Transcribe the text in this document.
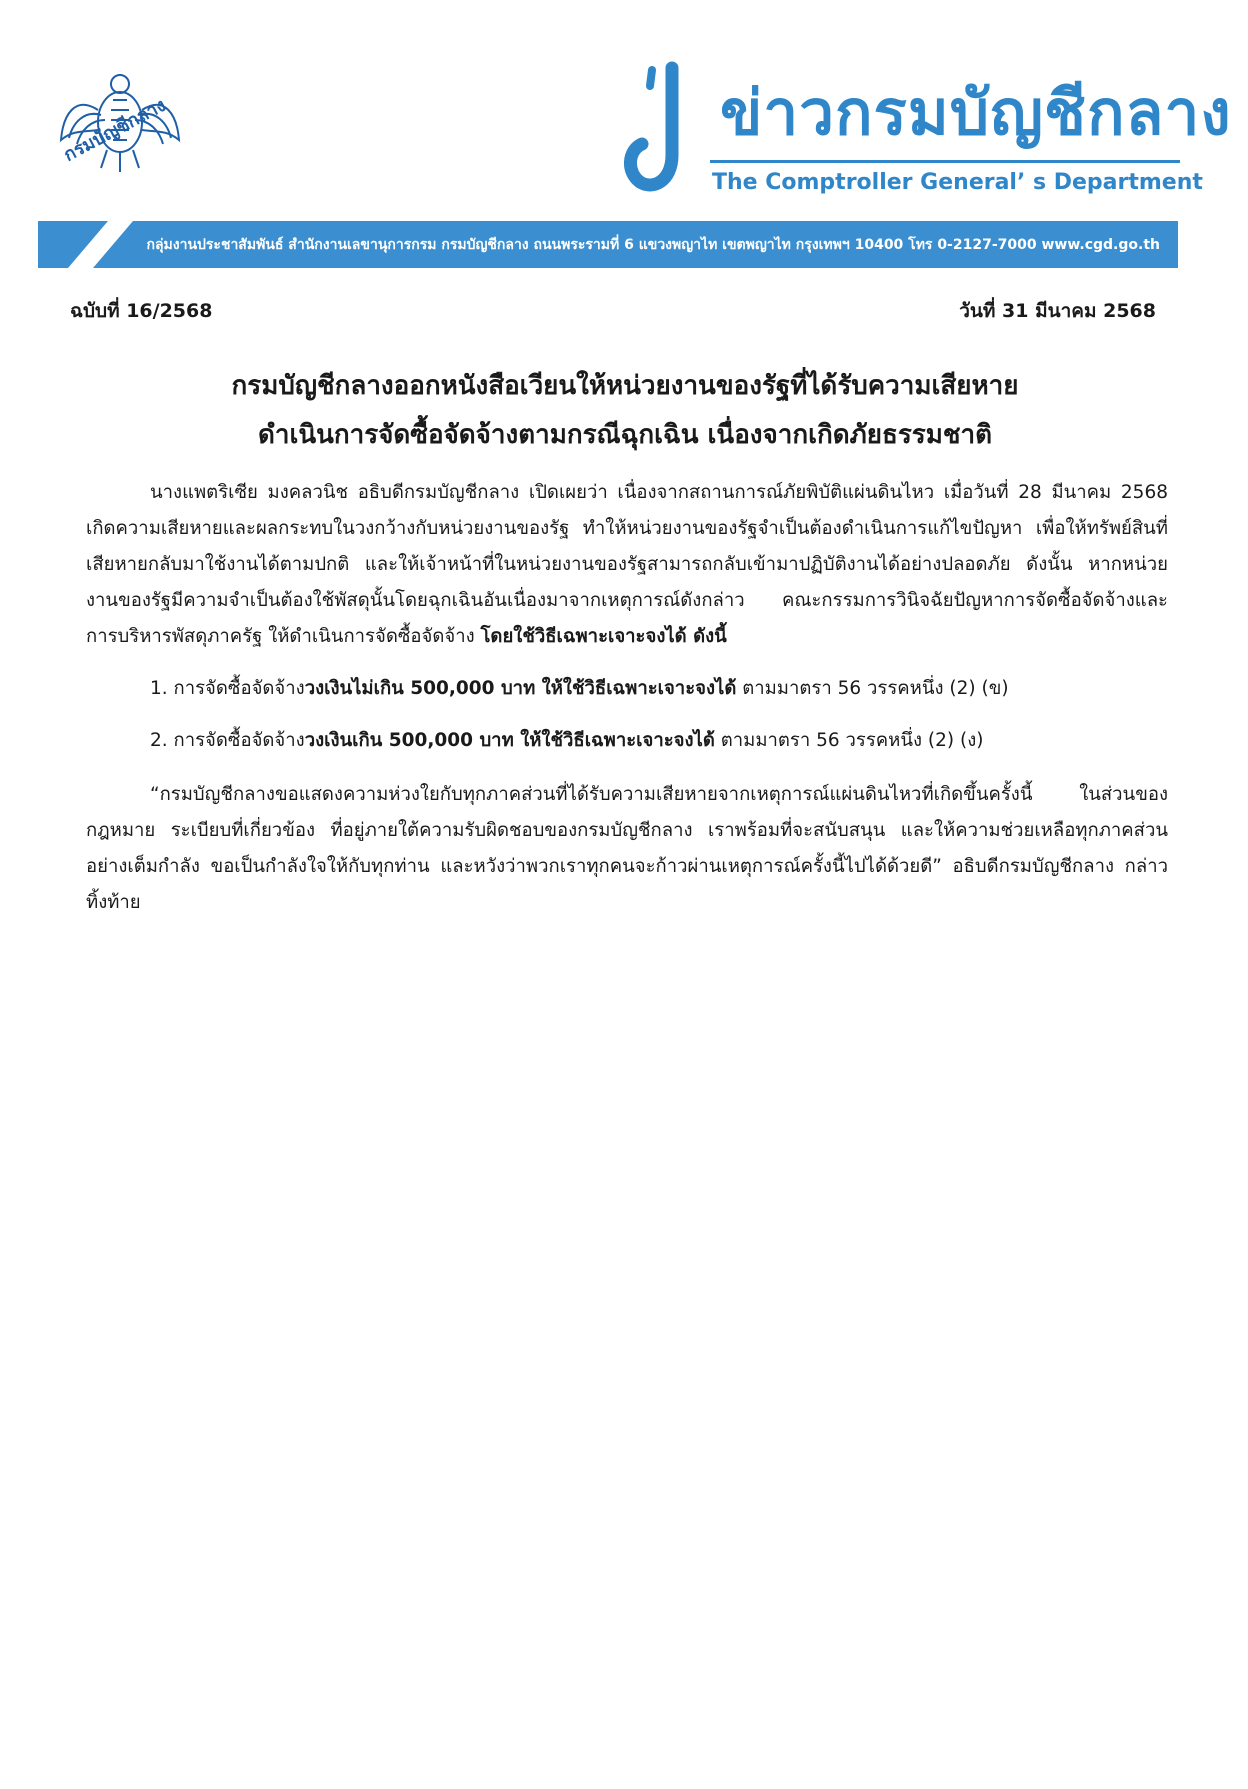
กรมบัญชีกลาง	ข่าวกรมบัญชีกลาง
The Comptroller General’ s Department
กลุ่มงานประชาสัมพันธ์ สำนักงานเลขานุการกรม กรมบัญชีกลาง ถนนพระรามที่ 6 แขวงพญาไท เขตพญาไท กรุงเทพฯ 10400 โทร 0-2127-7000 www.cgd.go.th
ฉบับที่ 16/2568	วันที่ 31 มีนาคม 2568
กรมบัญชีกลางออกหนังสือเวียนให้หน่วยงานของรัฐที่ได้รับความเสียหาย
ดำเนินการจัดซื้อจัดจ้างตามกรณีฉุกเฉิน เนื่องจากเกิดภัยธรรมชาติ

นางแพตริเซีย มงคลวนิช อธิบดีกรมบัญชีกลาง เปิดเผยว่า เนื่องจากสถานการณ์ภัยพิบัติแผ่นดินไหว เมื่อวันที่ 28 มีนาคม 2568 เกิดความเสียหายและผลกระทบในวงกว้างกับหน่วยงานของรัฐ ทำให้หน่วยงานของรัฐจำเป็นต้องดำเนินการแก้ไขปัญหา เพื่อให้ทรัพย์สินที่เสียหายกลับมาใช้งานได้ตามปกติ และให้เจ้าหน้าที่ในหน่วยงานของรัฐสามารถกลับเข้ามาปฏิบัติงานได้อย่างปลอดภัย ดังนั้น หากหน่วยงานของรัฐมีความจำเป็นต้องใช้พัสดุนั้นโดยฉุกเฉินอันเนื่องมาจากเหตุการณ์ดังกล่าว คณะกรรมการวินิจฉัยปัญหาการจัดซื้อจัดจ้างและการบริหารพัสดุภาครัฐ ให้ดำเนินการจัดซื้อจัดจ้าง โดยใช้วิธีเฉพาะเจาะจงได้ ดังนี้

1. การจัดซื้อจัดจ้างวงเงินไม่เกิน 500,000 บาท ให้ใช้วิธีเฉพาะเจาะจงได้ ตามมาตรา 56 วรรคหนึ่ง (2) (ข)

2. การจัดซื้อจัดจ้างวงเงินเกิน 500,000 บาท ให้ใช้วิธีเฉพาะเจาะจงได้ ตามมาตรา 56 วรรคหนึ่ง (2) (ง)

“กรมบัญชีกลางขอแสดงความห่วงใยกับทุกภาคส่วนที่ได้รับความเสียหายจากเหตุการณ์แผ่นดินไหวที่เกิดขึ้นครั้งนี้ ในส่วนของกฎหมาย ระเบียบที่เกี่ยวข้อง ที่อยู่ภายใต้ความรับผิดชอบของกรมบัญชีกลาง เราพร้อมที่จะสนับสนุน และให้ความช่วยเหลือทุกภาคส่วนอย่างเต็มกำลัง ขอเป็นกำลังใจให้กับทุกท่าน และหวังว่าพวกเราทุกคนจะก้าวผ่านเหตุการณ์ครั้งนี้ไปได้ด้วยดี” อธิบดีกรมบัญชีกลาง กล่าวทิ้งท้าย
